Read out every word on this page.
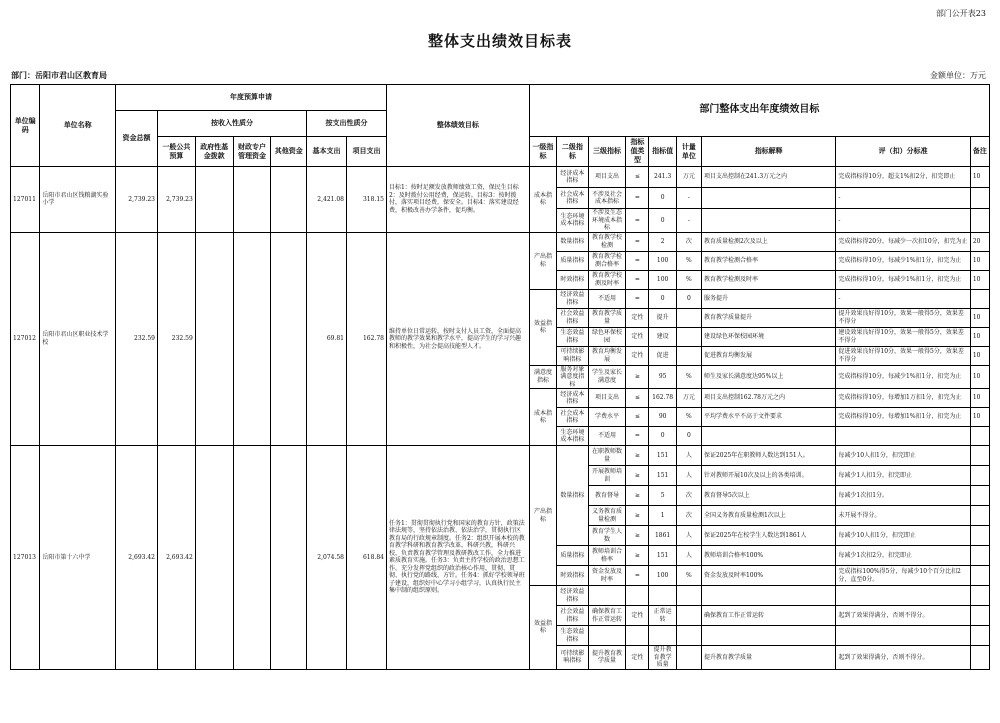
部门公开表23
整体支出绩效目标表
部门：岳阳市君山区教育局	金额单位：万元
单位编码	单位名称	年度预算申请							整体绩效目标	部门整体支出年度绩效目标								
		资金总额	按收入性质分				按支出性质分											
			一般公共预算	政府性基金拨款	财政专户管理资金	其他资金	基本支出	项目支出		一级指标	二级指标	三级指标	指标值类型	指标值	计量单位	指标解释	评（扣）分标准	备注
127011	岳阳市君山区钱粮湖实验小学	2,739.23	2,739.23				2,421.08	318.15	目标1：按时足额发放教师绩效工资，保民生目标2：及时拨付公用经费，保运转。目标3：按时拨付，落实项目经费，保安全。目标4：落实建设经费，积极改善办学条件，促均衡。	成本指标	经济成本指标	项目支出	≤	241.3	万元	项目支出控制在241.3万元之内	完成指标得10分，超支1%扣2分，扣完即止	10
											社会成本指标	不涉及社会成本指标	=	0	-		-	
											生态环境成本指标	不涉及生态环境成本指标	=	0	-		-	
127012	岳阳市君山区职业技术学校	232.59	232.59				69.81	162.78	维持单位日常运转，按时支付人员工资，全面提高教师的教学效果和教学水平，提高学生的学习兴趣和积极性，为社会提高技能型人才。	产出指标	数量指标	教育教学校检测	=	2	次	教育质量检测2次及以上	完成指标得20分，每减少一次扣10分，扣完为止	20
											质量指标	教育教学检测合格率	=	100	%	教育教学检测合格率	完成指标得10分，每减少1%扣1分，扣完为止	10
											时效指标	教育教学校测及时率	=	100	%	教育教学检测及时率	完成指标得10分，每减少1%扣1分，扣完为止	10
										效益指标	经济效益指标	不适用	=	0	0	服务提升	-	
											社会效益指标	教育教学质量	定性	提升		教育教学质量提升	提升效果良好得10分，效果一般得5分，效果差不得分	10
											生态效益指标	绿色环保校园	定性	建设		建设绿色环保校园环境	建设效果良好得10分，效果一般得5分，效果差不得分	10
											可持续影响指标	教育均衡发展	定性	促进		促进教育均衡发展	促进效果良好得10分，效果一般得5分，效果差不得分	10
										满意度指标	服务对象满意度指标	学生及家长满意度	≥	95	%	师生及家长满意度达95%以上	完成指标得10分，每减少1%扣1分，扣完为止	10
										成本指标	经济成本指标	项目支出	≤	162.78	万元	项目支出控制162.78万元之内	完成指标得10分，每增加1万扣1分，扣完为止	10
											社会成本指标	学费水平	≤	90	%	平均学费水平不高于文件要求	完成指标得10分，每增加1%扣1分，扣完为止	10
											生态环境成本指标	不适用	=	0	0			
127013	岳阳市第十六中学	2,693.42	2,693.42				2,074.58	618.84	任务1：贯彻贯彻执行党和国家的教育方针，政策法律法规等，坚持依法治教、依法治学，贯彻执行区教育局的行政规章制度。任务2：组织开展本校的教育教学科研和教育教学改革，科研兴教，科研兴校，负责教育教学管理及教研教改工作，全力推进素质教育实施。任务3：负责主持学校的政治思想工作，充分发挥党组织的政治核心作用，贯彻、贯彻、执行党的路线、方针。任务4：抓好学校领导班子建设，组织好中心学习小组学习，认真执行民主集中制的组织原则。	产出指标	数量指标	在职教师数量	≥	151	人	保证2025年在职教师人数达到151人。	每减少10人扣1分，扣完即止	
												开展教师培训	≥	151	人	针对教师开展10次及以上的各类培训。	每减少1人扣1分，扣完即止	
												教育督导	≥	5	次	教育督导5次以上	每减少1次扣1分。	
												义务教育质量检测	≥	1	次	全国义务教育质量检测1次以上	未开展不得分。	
												教育学生人数	≥	1861	人	保证2025年在校学生人数达到1861人	每减少10人扣1分，扣完即止	
											质量指标	教师培训合格率	≥	151	人	教师培训合格率100%	每减少1次扣2分，扣完即止	
											时效指标	资金发放及时率	=	100	%	资金发放及时率100%	完成指标100%得5分，每减少10个百分比扣2分，直至0分。	
										效益指标	经济效益指标							
											社会效益指标	确保教育工作正常运转	定性	正常运转		确保教育工作正常运转	起到了效果得满分，否则不得分。	
											生态效益指标							
											可持续影响指标	提升教育教学质量	定性	提升教育教学质量		提升教育教学质量	起到了效果得满分，否则不得分。	
